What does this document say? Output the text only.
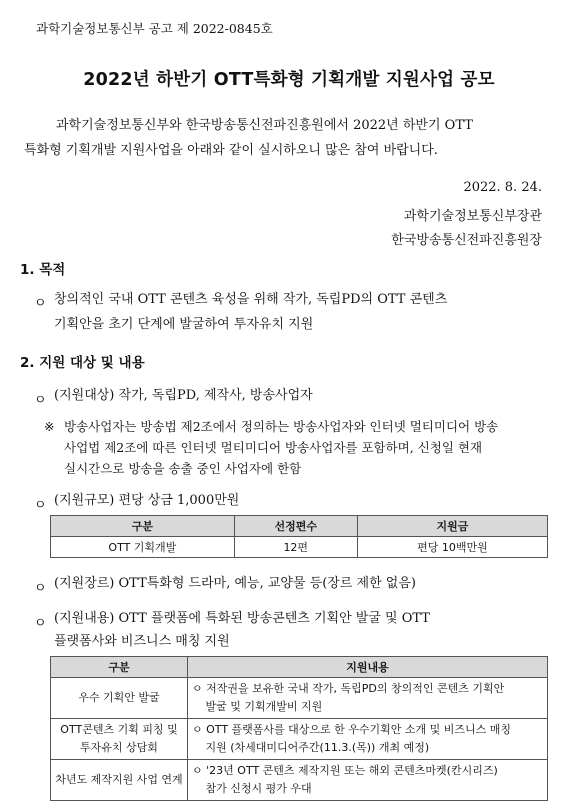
과학기술정보통신부 공고 제 2022-0845호
2022년 하반기 OTT특화형 기획개발 지원사업 공모
과학기술정보통신부와 한국방송통신전파진흥원에서 2022년 하반기 OTT
특화형 기획개발 지원사업을 아래와 같이 실시하오니 많은 참여 바랍니다.
2022. 8. 24.
과학기술정보통신부장관
한국방송통신전파진흥원장
1. 목적
ㅇ 창의적인 국내 OTT 콘텐츠 육성을 위해 작가, 독립PD의 OTT 콘텐츠
기획안을 초기 단계에 발굴하여 투자유치 지원
2. 지원 대상 및 내용
ㅇ (지원대상) 작가, 독립PD, 제작사, 방송사업자
※ 방송사업자는 방송법 제2조에서 정의하는 방송사업자와 인터넷 멀티미디어 방송
사업법 제2조에 따른 인터넷 멀티미디어 방송사업자를 포함하며, 신청일 현재
실시간으로 방송을 송출 중인 사업자에 한함
ㅇ (지원규모) 편당 상금 1,000만원
구분	선정편수	지원금
OTT 기획개발	12편	편당 10백만원
ㅇ (지원장르) OTT특화형 드라마, 예능, 교양물 등(장르 제한 없음)
ㅇ (지원내용) OTT 플랫폼에 특화된 방송콘텐츠 기획안 발굴 및 OTT
플랫폼사와 비즈니스 매칭 지원
구분	지원내용
우수 기획안 발굴	ㅇ 저작권을 보유한 국내 작가, 독립PD의 창의적인 콘텐츠 기획안
발굴 및 기획개발비 지원
OTT콘텐츠 기획 피칭 및
투자유치 상담회	ㅇ OTT 플랫폼사를 대상으로 한 우수기획안 소개 및 비즈니스 매칭
지원 (차세대미디어주간(11.3.(목)) 개최 예정)
차년도 제작지원 사업 연계	ㅇ '23년 OTT 콘텐츠 제작지원 또는 해외 콘텐츠마켓(칸시리즈)
참가 신청시 평가 우대
